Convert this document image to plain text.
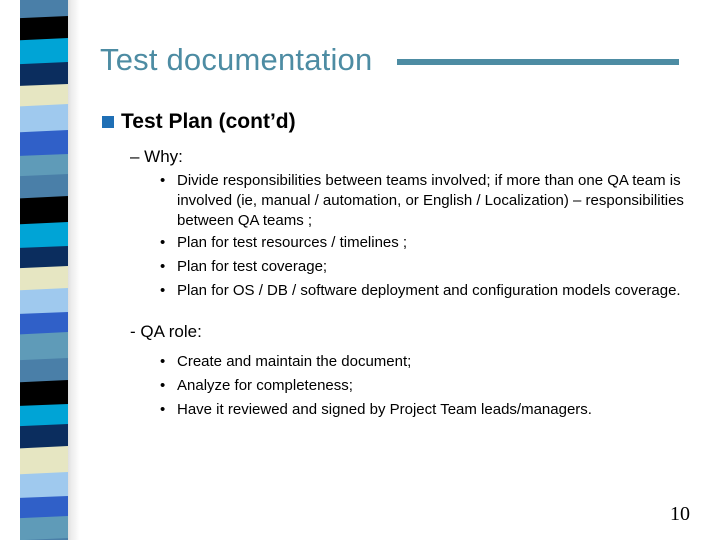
Test documentation
Test Plan (cont’d)
– Why:
• Divide responsibilities between teams involved; if more than one QA team is involved (ie, manual / automation, or English / Localization) – responsibilities between QA teams ;
• Plan for test resources / timelines ;
• Plan for test coverage;
• Plan for OS / DB / software deployment and configuration models coverage.
- QA role:
• Create and maintain the document;
• Analyze for completeness;
• Have it reviewed and signed by Project Team leads/managers.
10
